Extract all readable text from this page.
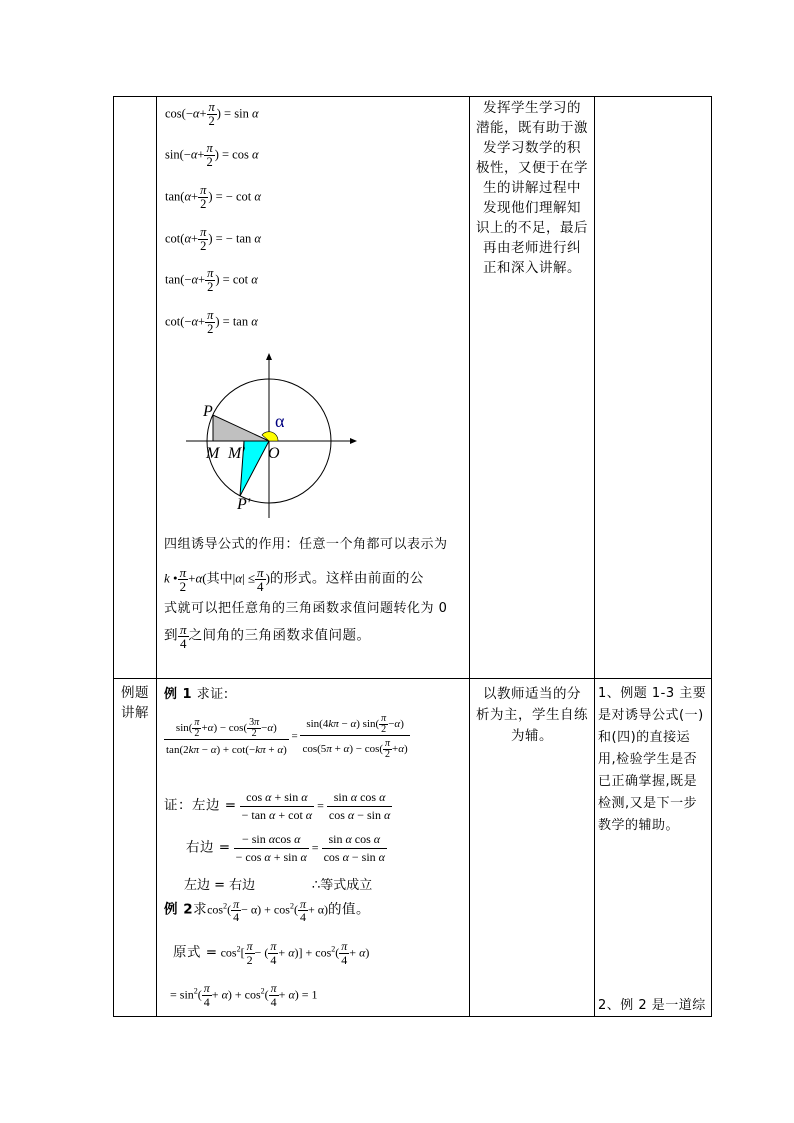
$\cos(-\alpha+ \frac{\pi}{2}$ ) = sin α
$\sin(-\alpha+ \frac{\pi}{2}$ ) = cos α
$\tan(\alpha+ \frac{\pi}{2}$ ) = − cot α
$\cot(\alpha+ \frac{\pi}{2}$ ) = − tan α
$\tan(-\alpha+ \frac{\pi}{2}$ ) = cot α
$\cot(-\alpha+ \frac{\pi}{2}$ ) = tan α
P
M M' O
P'
α
四组诱导公式的作用：任意一个角都可以表示为
k • $\frac{\pi}{2} +\alpha$(其中$|\alpha| \le \frac{\pi}{4}$ )的形式。这样由前面的公
式就可以把任意角的三角函数求值问题转化为 0
到 $\frac{\pi}{4}$ 之间角的三角函数求值问题。
发挥学生学习的
潜能，既有助于激
发学习数学的积
极性，又便于在学
生的讲解过程中
发现他们理解知
识上的不足，最后
再由老师进行纠
正和深入讲解。
例题
讲解
例 1 求证:
$\frac{\sin( \frac{\pi}{2} +\alpha) - \cos( \frac{3\pi}{2} -\alpha)}{\tan(2k\pi - \alpha) + \cot(-k\pi + \alpha)} = \frac{\sin(4k\pi - \alpha) \sin( \frac{\pi}{2} -\alpha)}{\cos(5\pi + \alpha) - \cos( \frac{\pi}{2} +\alpha)}$
证：左边 = $\frac{\text{cos α + sin α}}{\text{− tan α + cot α}} = \frac{\text{sin α cos α}}{\text{cos α − sin α}}$
右边 = $\frac{\text{− sin αcos α}}{\text{− cos α + sin α}} = \frac{\text{sin α cos α}}{\text{cos α − sin α}}$
左边 = 右边	∴等式成立
例 2求$\cos^2( \frac{\pi}{4} - \alpha) + \cos^2( \frac{\pi}{4} + \alpha)$的值。
原式 = $\cos^2[ \frac{\pi}{2}$ − ( $\frac{\pi}{4} + \alpha)] + \cos^2( \frac{\pi}{4} + \alpha)$
= $\sin^2( \frac{\pi}{4} + \alpha) + \cos^2( \frac{\pi}{4} + \alpha) = 1$
以教师适当的分
析为主，学生自练
为辅。
1、例题 1-3 主要
是对诱导公式(一)
和(四)的直接运
用,检验学生是否
已正确掌握,既是
检测,又是下一步
教学的辅助。
2、例 2 是一道综
